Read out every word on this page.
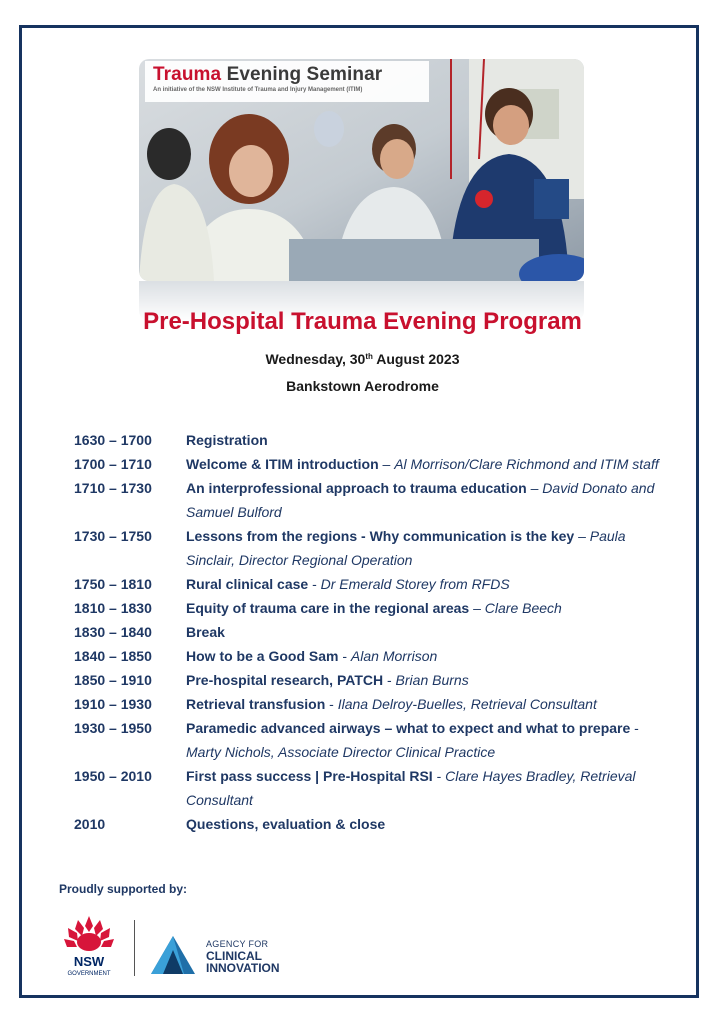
Trauma Evening Seminar
An initiative of the NSW Institute of Trauma and Injury Management (ITIM)
Pre-Hospital Trauma Evening Program
Wednesday, 30th August 2023
Bankstown Aerodrome
1630 – 1700	Registration
1700 – 1710	Welcome & ITIM introduction – Al Morrison/Clare Richmond and ITIM staff
1710 – 1730	An interprofessional approach to trauma education – David Donato and Samuel Bulford
1730 – 1750	Lessons from the regions - Why communication is the key – Paula Sinclair, Director Regional Operation
1750 – 1810	Rural clinical case - Dr Emerald Storey from RFDS
1810 – 1830	Equity of trauma care in the regional areas – Clare Beech
1830 – 1840	Break
1840 – 1850	How to be a Good Sam - Alan Morrison
1850 – 1910	Pre-hospital research, PATCH - Brian Burns
1910 – 1930	Retrieval transfusion - Ilana Delroy-Buelles, Retrieval Consultant
1930 – 1950	Paramedic advanced airways – what to expect and what to prepare - Marty Nichols, Associate Director Clinical Practice
1950 – 2010	First pass success | Pre-Hospital RSI - Clare Hayes Bradley, Retrieval Consultant
2010	Questions, evaluation & close
Proudly supported by:
NSW
GOVERNMENT
AGENCY FOR
CLINICAL
INNOVATION
